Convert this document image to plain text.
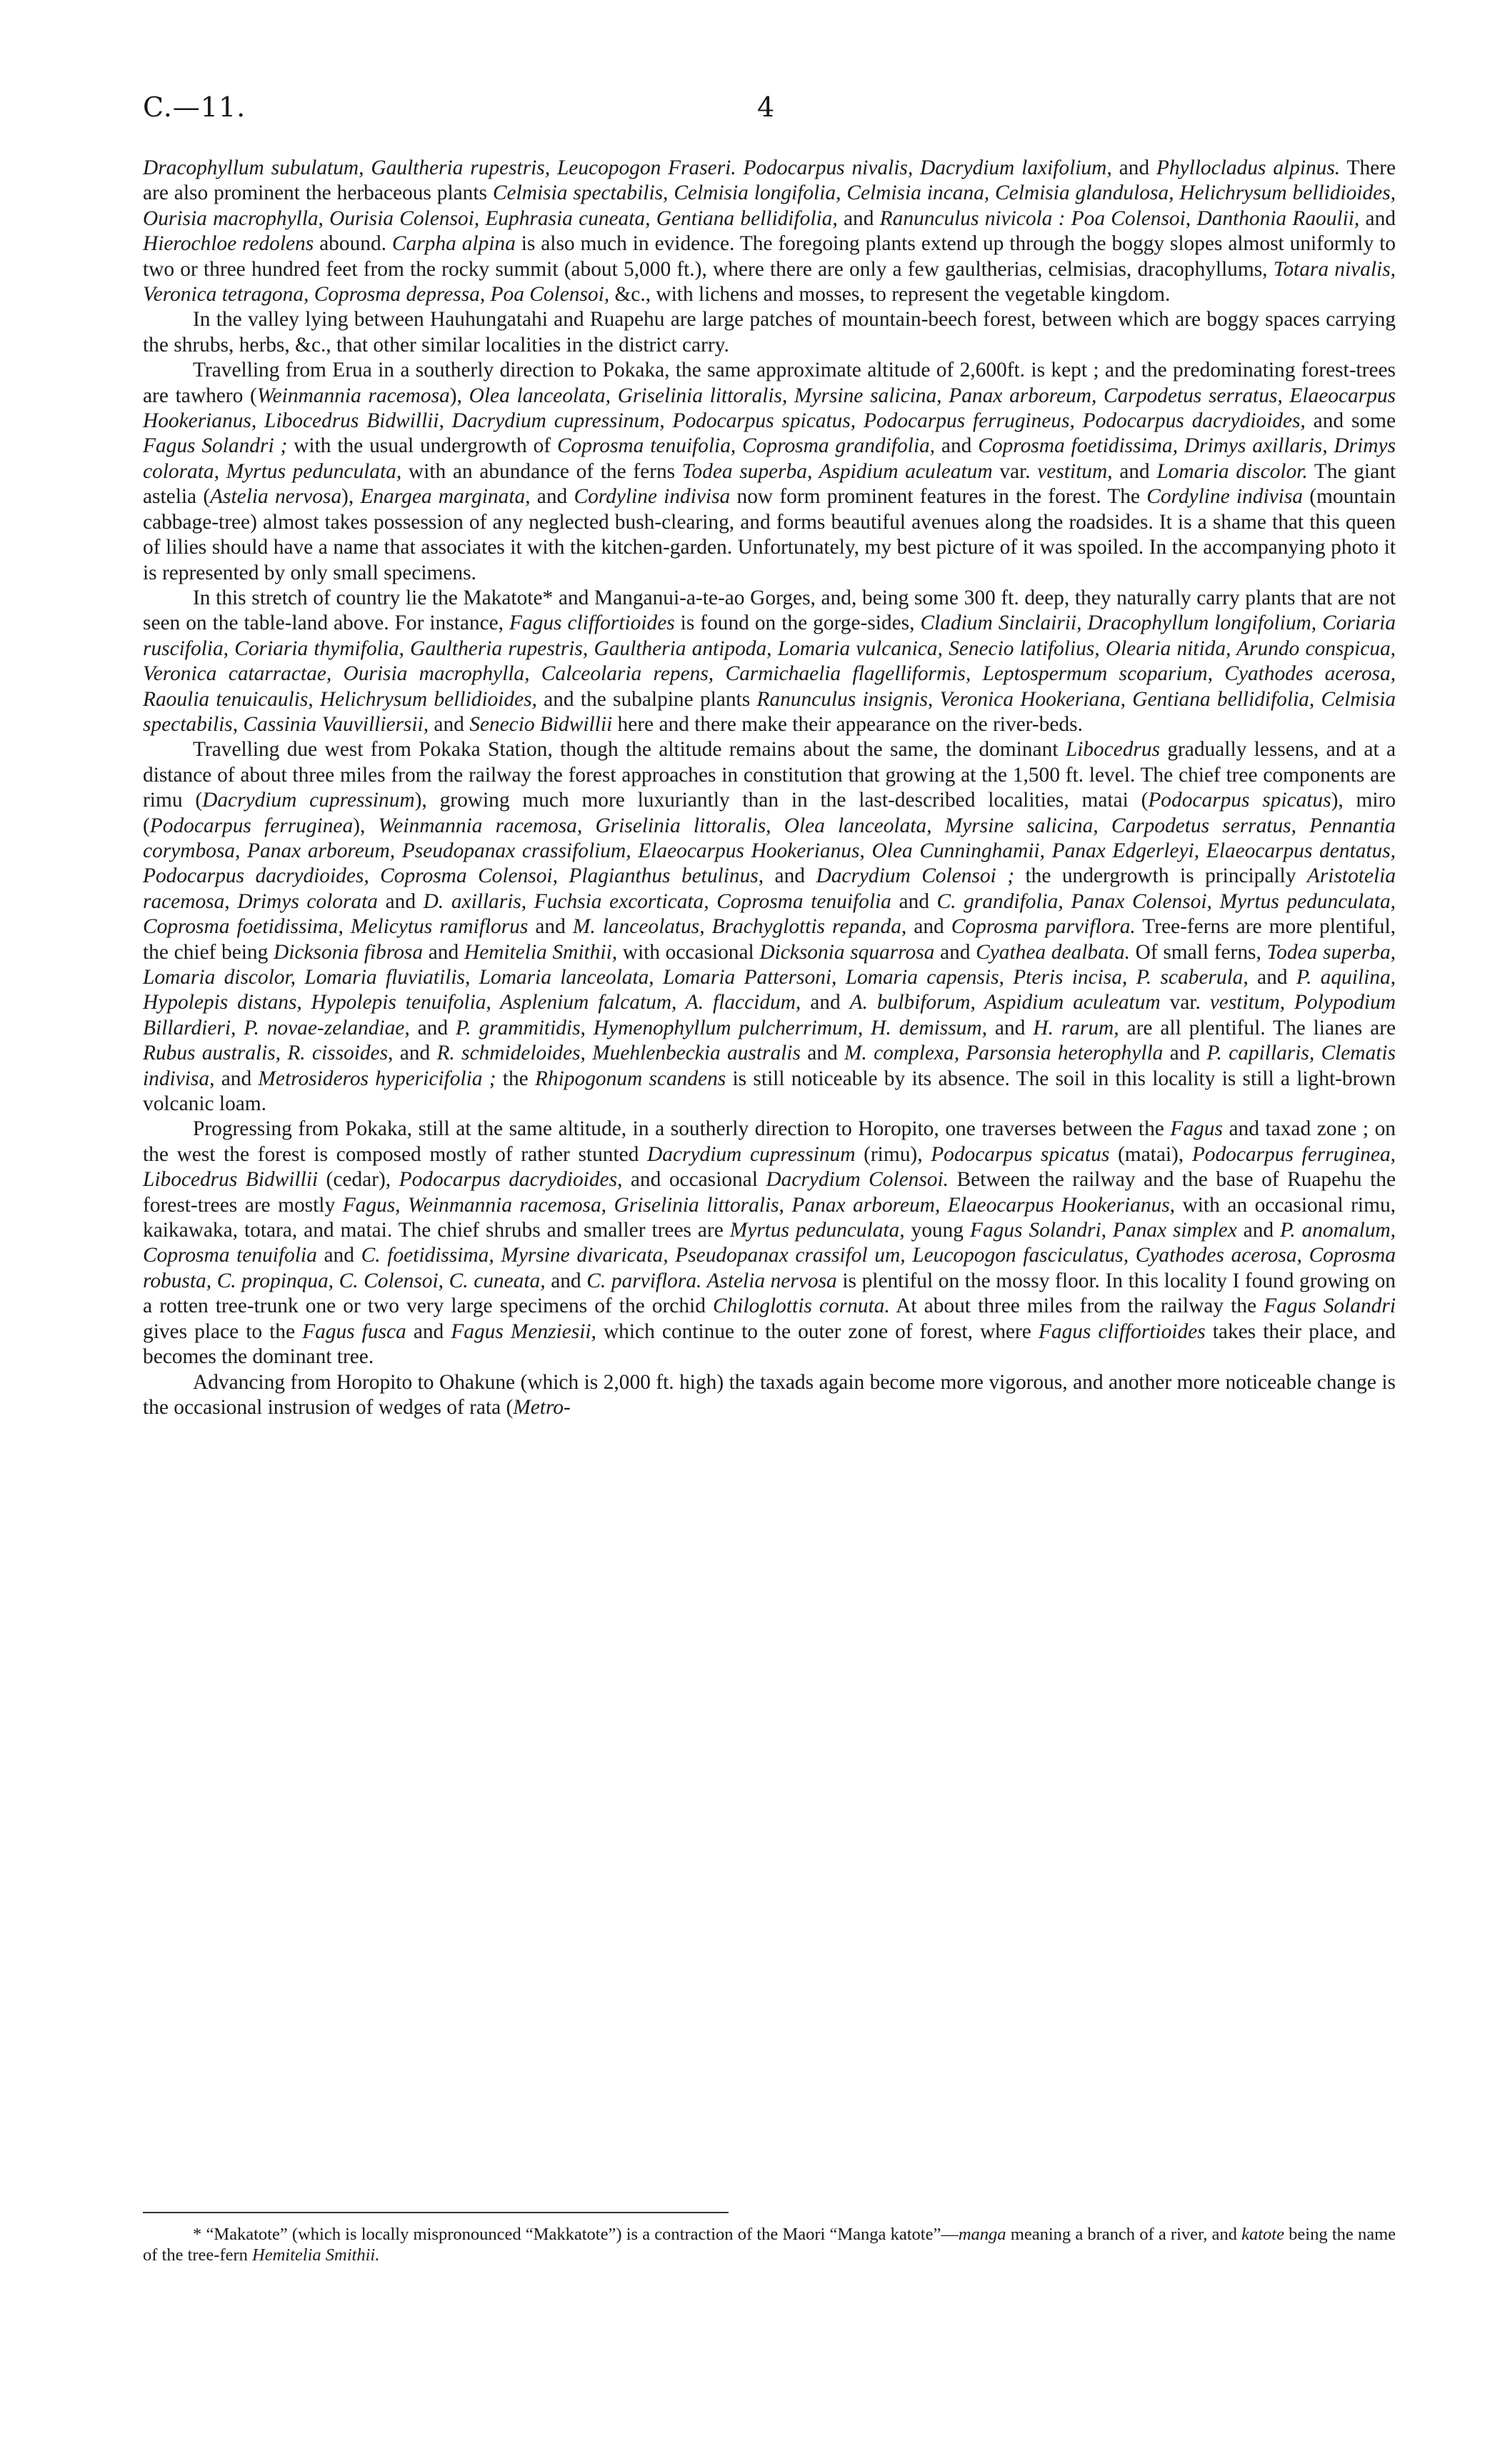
C.—11.	4

Dracophyllum subulatum, Gaultheria rupestris, Leucopogon Fraseri. Podocarpus nivalis, Dacrydium laxifolium, and Phyllocladus alpinus. There are also prominent the herbaceous plants Celmisia spectabilis, Celmisia longifolia, Celmisia incana, Celmisia glandulosa, Helichrysum bellidioides, Ourisia macrophylla, Ourisia Colensoi, Euphrasia cuneata, Gentiana bellidifolia, and Ranunculus nivicola : Poa Colensoi, Danthonia Raoulii, and Hierochloe redolens abound. Carpha alpina is also much in evidence. The foregoing plants extend up through the boggy slopes almost uniformly to two or three hundred feet from the rocky summit (about 5,000 ft.), where there are only a few gaultherias, celmisias, dracophyllums, Totara nivalis, Veronica tetragona, Coprosma depressa, Poa Colensoi, &c., with lichens and mosses, to represent the vegetable kingdom.

In the valley lying between Hauhungatahi and Ruapehu are large patches of mountain-beech forest, between which are boggy spaces carrying the shrubs, herbs, &c., that other similar localities in the district carry.

Travelling from Erua in a southerly direction to Pokaka, the same approximate altitude of 2,600ft. is kept ; and the predominating forest-trees are tawhero (Weinmannia racemosa), Olea lanceolata, Griselinia littoralis, Myrsine salicina, Panax arboreum, Carpodetus serratus, Elaeocarpus Hookerianus, Libocedrus Bidwillii, Dacrydium cupressinum, Podocarpus spicatus, Podocarpus ferrugineus, Podocarpus dacrydioides, and some Fagus Solandri ; with the usual undergrowth of Coprosma tenuifolia, Coprosma grandifolia, and Coprosma foetidissima, Drimys axillaris, Drimys colorata, Myrtus pedunculata, with an abundance of the ferns Todea superba, Aspidium aculeatum var. vestitum, and Lomaria discolor. The giant astelia (Astelia nervosa), Enargea marginata, and Cordyline indivisa now form prominent features in the forest. The Cordyline indivisa (mountain cabbage-tree) almost takes possession of any neglected bush-clearing, and forms beautiful avenues along the roadsides. It is a shame that this queen of lilies should have a name that associates it with the kitchen-garden. Unfortunately, my best picture of it was spoiled. In the accompanying photo it is represented by only small specimens.

In this stretch of country lie the Makatote* and Manganui-a-te-ao Gorges, and, being some 300 ft. deep, they naturally carry plants that are not seen on the table-land above. For instance, Fagus cliffortioides is found on the gorge-sides, Cladium Sinclairii, Dracophyllum longifolium, Coriaria ruscifolia, Coriaria thymifolia, Gaultheria rupestris, Gaultheria antipoda, Lomaria vulcanica, Senecio latifolius, Olearia nitida, Arundo conspicua, Veronica catarractae, Ourisia macrophylla, Calceolaria repens, Carmichaelia flagelliformis, Leptospermum scoparium, Cyathodes acerosa, Raoulia tenuicaulis, Helichrysum bellidioides, and the subalpine plants Ranunculus insignis, Veronica Hookeriana, Gentiana bellidifolia, Celmisia spectabilis, Cassinia Vauvilliersii, and Senecio Bidwillii here and there make their appearance on the river-beds.

Travelling due west from Pokaka Station, though the altitude remains about the same, the dominant Libocedrus gradually lessens, and at a distance of about three miles from the railway the forest approaches in constitution that growing at the 1,500 ft. level. The chief tree components are rimu (Dacrydium cupressinum), growing much more luxuriantly than in the last-described localities, matai (Podocarpus spicatus), miro (Podocarpus ferruginea), Weinmannia racemosa, Griselinia littoralis, Olea lanceolata, Myrsine salicina, Carpodetus serratus, Pennantia corymbosa, Panax arboreum, Pseudopanax crassifolium, Elaeocarpus Hookerianus, Olea Cunninghamii, Panax Edgerleyi, Elaeocarpus dentatus, Podocarpus dacrydioides, Coprosma Colensoi, Plagianthus betulinus, and Dacrydium Colensoi ; the undergrowth is principally Aristotelia racemosa, Drimys colorata and D. axillaris, Fuchsia excorticata, Coprosma tenuifolia and C. grandifolia, Panax Colensoi, Myrtus pedunculata, Coprosma foetidissima, Melicytus ramiflorus and M. lanceolatus, Brachyglottis repanda, and Coprosma parviflora. Tree-ferns are more plentiful, the chief being Dicksonia fibrosa and Hemitelia Smithii, with occasional Dicksonia squarrosa and Cyathea dealbata. Of small ferns, Todea superba, Lomaria discolor, Lomaria fluviatilis, Lomaria lanceolata, Lomaria Pattersoni, Lomaria capensis, Pteris incisa, P. scaberula, and P. aquilina, Hypolepis distans, Hypolepis tenuifolia, Asplenium falcatum, A. flaccidum, and A. bulbiforum, Aspidium aculeatum var. vestitum, Polypodium Billardieri, P. novae-zelandiae, and P. grammitidis, Hymenophyllum pulcherrimum, H. demissum, and H. rarum, are all plentiful. The lianes are Rubus australis, R. cissoides, and R. schmideloides, Muehlenbeckia australis and M. complexa, Parsonsia heterophylla and P. capillaris, Clematis indivisa, and Metrosideros hypericifolia ; the Rhipogonum scandens is still noticeable by its absence. The soil in this locality is still a light-brown volcanic loam.

Progressing from Pokaka, still at the same altitude, in a southerly direction to Horopito, one traverses between the Fagus and taxad zone ; on the west the forest is composed mostly of rather stunted Dacrydium cupressinum (rimu), Podocarpus spicatus (matai), Podocarpus ferruginea, Libocedrus Bidwillii (cedar), Podocarpus dacrydioides, and occasional Dacrydium Colensoi. Between the railway and the base of Ruapehu the forest-trees are mostly Fagus, Weinmannia racemosa, Griselinia littoralis, Panax arboreum, Elaeocarpus Hookerianus, with an occasional rimu, kaikawaka, totara, and matai. The chief shrubs and smaller trees are Myrtus pedunculata, young Fagus Solandri, Panax simplex and P. anomalum, Coprosma tenuifolia and C. foetidissima, Myrsine divaricata, Pseudopanax crassifol um, Leucopogon fasciculatus, Cyathodes acerosa, Coprosma robusta, C. propinqua, C. Colensoi, C. cuneata, and C. parviflora. Astelia nervosa is plentiful on the mossy floor. In this locality I found growing on a rotten tree-trunk one or two very large specimens of the orchid Chiloglottis cornuta. At about three miles from the railway the Fagus Solandri gives place to the Fagus fusca and Fagus Menziesii, which continue to the outer zone of forest, where Fagus cliffortioides takes their place, and becomes the dominant tree.

Advancing from Horopito to Ohakune (which is 2,000 ft. high) the taxads again become more vigorous, and another more noticeable change is the occasional instrusion of wedges of rata (Metro-

* “Makatote” (which is locally mispronounced “Makkatote”) is a contraction of the Maori “Manga katote”—manga meaning a branch of a river, and katote being the name of the tree-fern Hemitelia Smithii.
